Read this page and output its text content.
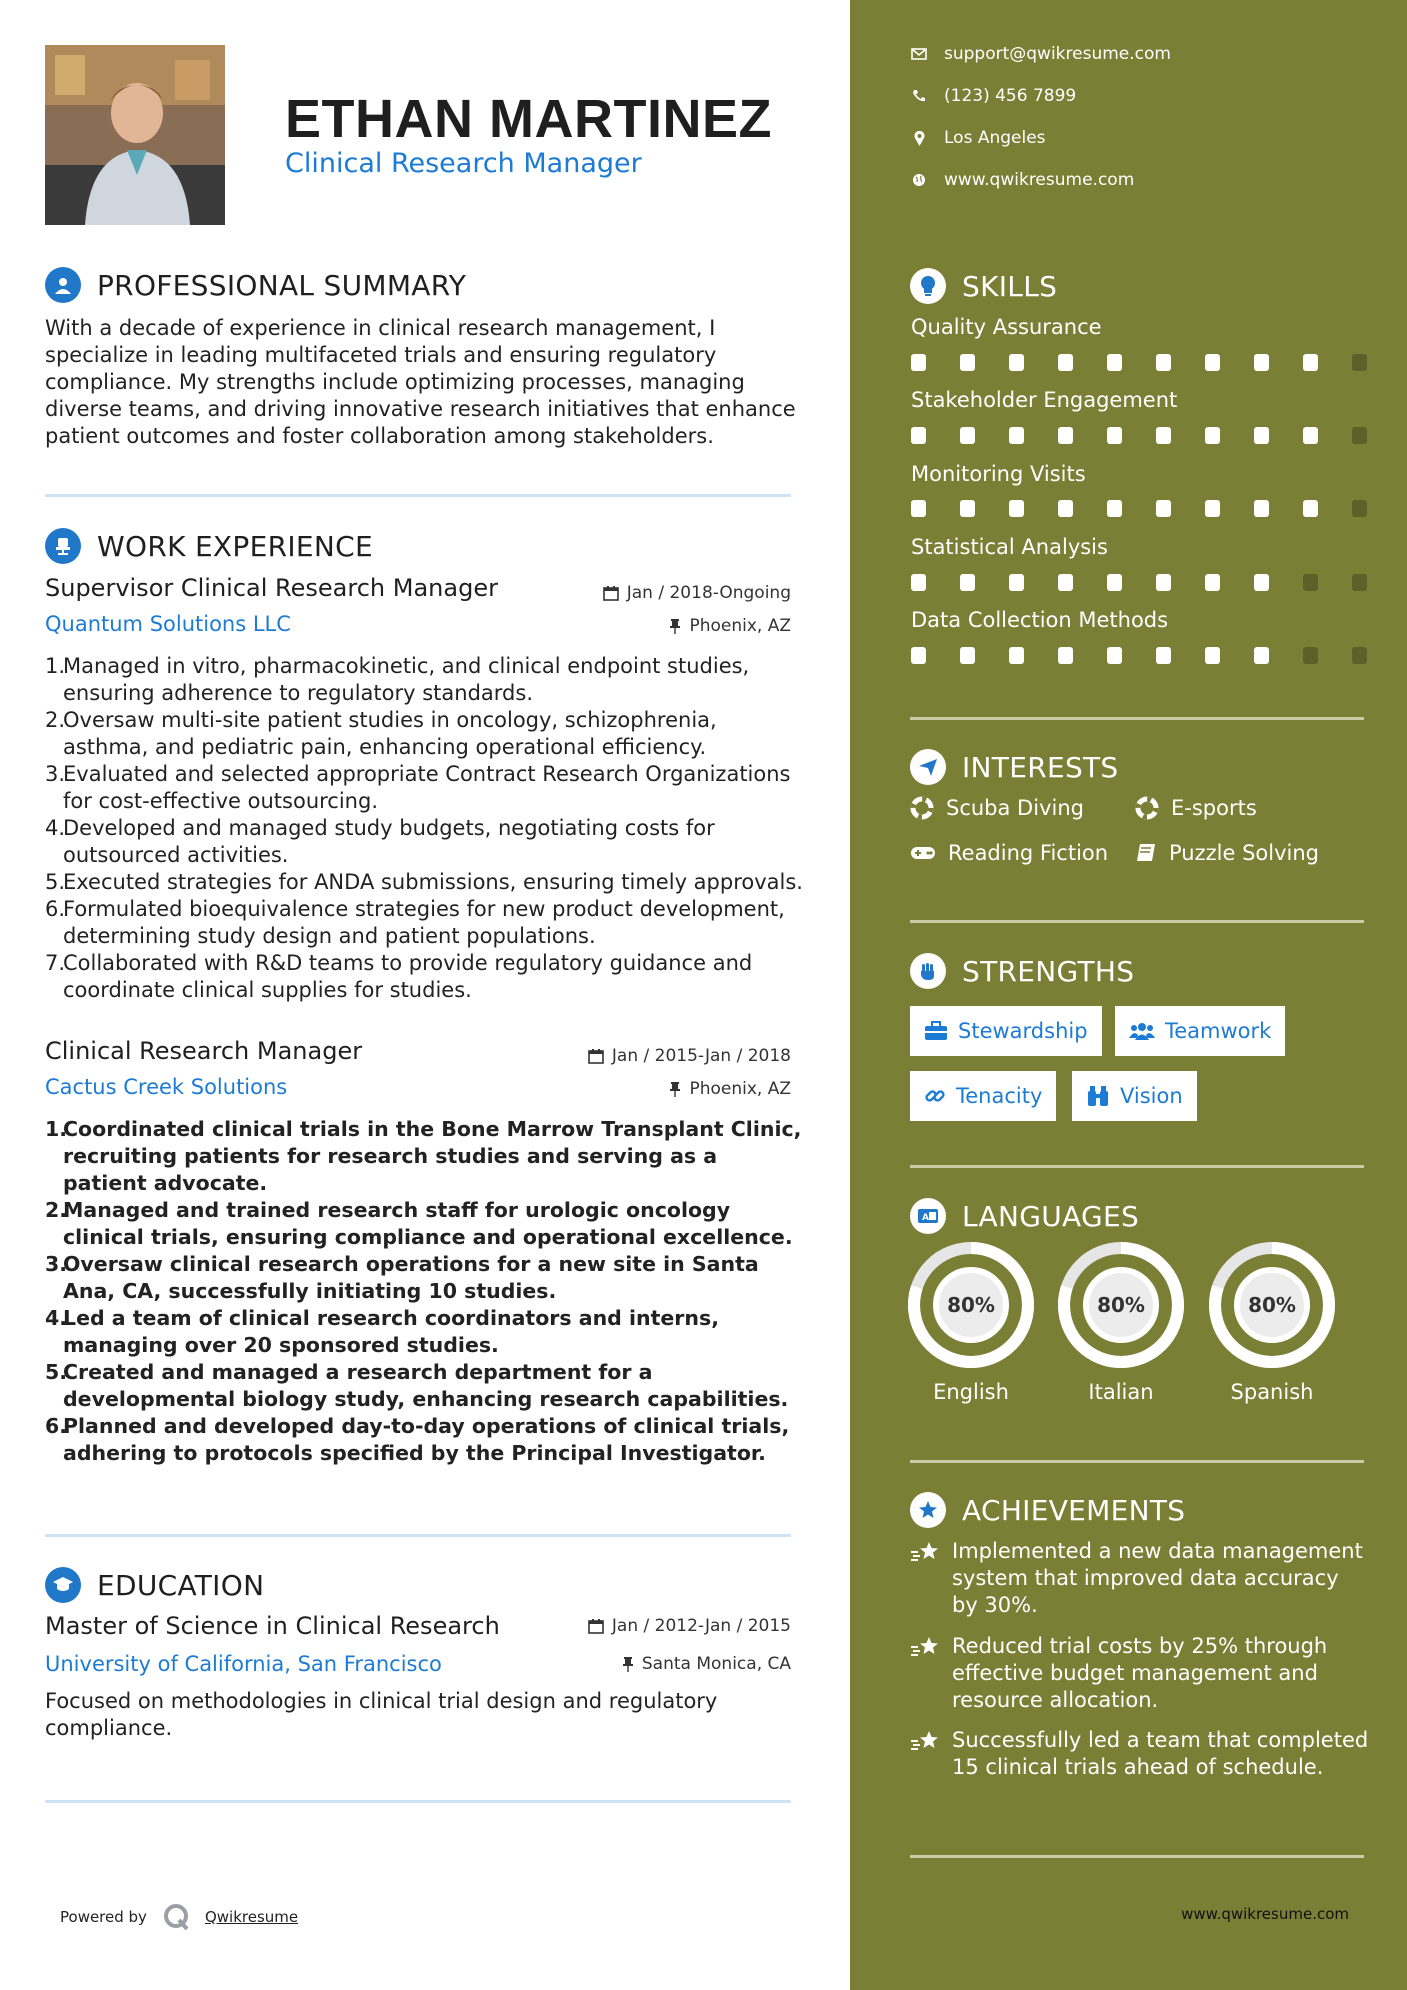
ETHAN MARTINEZ
Clinical Research Manager
PROFESSIONAL SUMMARY
With a decade of experience in clinical research management, I specialize in leading multifaceted trials and ensuring regulatory compliance. My strengths include optimizing processes, managing diverse teams, and driving innovative research initiatives that enhance patient outcomes and foster collaboration among stakeholders.
WORK EXPERIENCE
Supervisor Clinical Research Manager
Quantum Solutions LLC
Jan / 2018-Ongoing
Phoenix, AZ
Managed in vitro, pharmacokinetic, and clinical endpoint studies, ensuring adherence to regulatory standards.
Oversaw multi-site patient studies in oncology, schizophrenia, asthma, and pediatric pain, enhancing operational efficiency.
Evaluated and selected appropriate Contract Research Organizations for cost-effective outsourcing.
Developed and managed study budgets, negotiating costs for outsourced activities.
Executed strategies for ANDA submissions, ensuring timely approvals.
Formulated bioequivalence strategies for new product development, determining study design and patient populations.
Collaborated with R&D teams to provide regulatory guidance and coordinate clinical supplies for studies.
Clinical Research Manager
Cactus Creek Solutions
Jan / 2015-Jan / 2018
Phoenix, AZ
Coordinated clinical trials in the Bone Marrow Transplant Clinic, recruiting patients for research studies and serving as a patient advocate.
Managed and trained research staff for urologic oncology clinical trials, ensuring compliance and operational excellence.
Oversaw clinical research operations for a new site in Santa Ana, CA, successfully initiating 10 studies.
Led a team of clinical research coordinators and interns, managing over 20 sponsored studies.
Created and managed a research department for a developmental biology study, enhancing research capabilities.
Planned and developed day-to-day operations of clinical trials, adhering to protocols specified by the Principal Investigator.
EDUCATION
Master of Science in Clinical Research
University of California, San Francisco
Jan / 2012-Jan / 2015
Santa Monica, CA
Focused on methodologies in clinical trial design and regulatory compliance.
Powered by	Qwikresume
support@qwikresume.com
(123) 456 7899
Los Angeles
www.qwikresume.com
SKILLS
Quality Assurance
Stakeholder Engagement
Monitoring Visits
Statistical Analysis
Data Collection Methods
INTERESTS
Scuba Diving	E-sports
Reading Fiction	Puzzle Solving
STRENGTHS
Stewardship	Teamwork
Tenacity	Vision
A LANGUAGES
80%	80%	80%
English	Italian	Spanish
ACHIEVEMENTS
Implemented a new data management system that improved data accuracy by 30%.
Reduced trial costs by 25% through effective budget management and resource allocation.
Successfully led a team that completed 15 clinical trials ahead of schedule.
www.qwikresume.com
